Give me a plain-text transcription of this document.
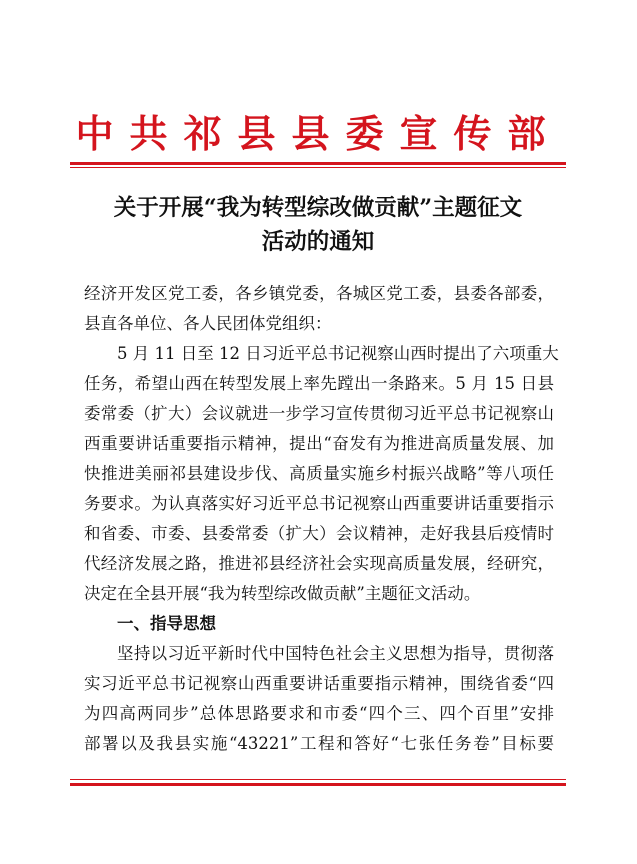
中共祁县县委宣传部
关于开展“我为转型综改做贡献”主题征文
活动的通知
经济开发区党工委，各乡镇党委，各城区党工委，县委各部委，
县直各单位、各人民团体党组织：
5 月 11 日至 12 日习近平总书记视察山西时提出了六项重大
任务，希望山西在转型发展上率先蹚出一条路来。5 月 15 日县
委常委（扩大）会议就进一步学习宣传贯彻习近平总书记视察山
西重要讲话重要指示精神，提出“奋发有为推进高质量发展、加
快推进美丽祁县建设步伐、高质量实施乡村振兴战略”等八项任
务要求。为认真落实好习近平总书记视察山西重要讲话重要指示
和省委、市委、县委常委（扩大）会议精神，走好我县后疫情时
代经济发展之路，推进祁县经济社会实现高质量发展，经研究，
决定在全县开展“我为转型综改做贡献”主题征文活动。
一、指导思想
坚持以习近平新时代中国特色社会主义思想为指导，贯彻落
实习近平总书记视察山西重要讲话重要指示精神，围绕省委“四
为四高两同步”总体思路要求和市委“四个三、四个百里”安排
部署以及我县实施“43221”工程和答好“七张任务卷”目标要
